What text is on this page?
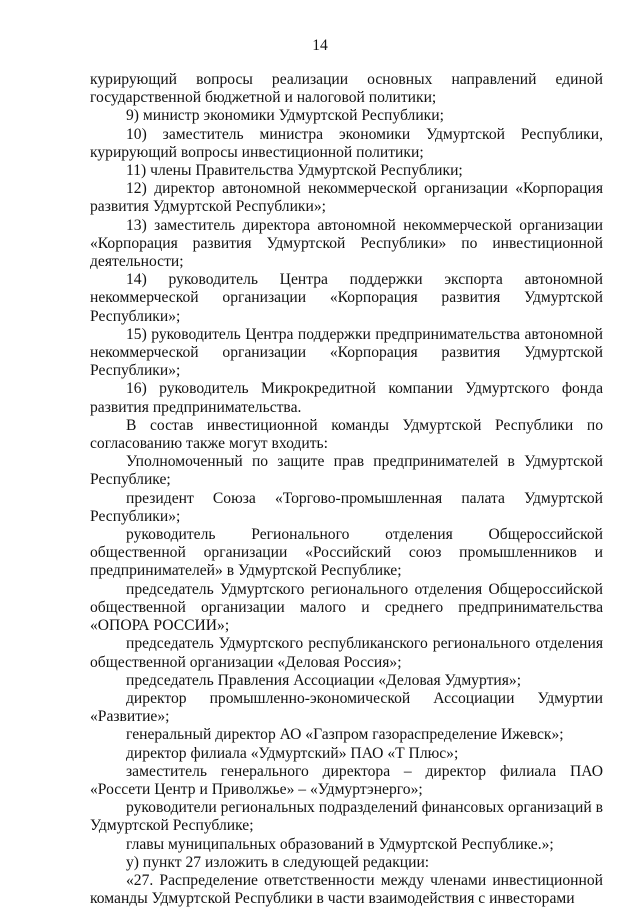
14

курирующий вопросы реализации основных направлений единой государственной бюджетной и налоговой политики;

9) министр экономики Удмуртской Республики;

10) заместитель министра экономики Удмуртской Республики, курирующий вопросы инвестиционной политики;

11) члены Правительства Удмуртской Республики;

12) директор автономной некоммерческой организации «Корпорация развития Удмуртской Республики»;

13) заместитель директора автономной некоммерческой организации «Корпорация развития Удмуртской Республики» по инвестиционной деятельности;

14) руководитель Центра поддержки экспорта автономной некоммерческой организации «Корпорация развития Удмуртской Республики»;

15) руководитель Центра поддержки предпринимательства автономной некоммерческой организации «Корпорация развития Удмуртской Республики»;

16) руководитель Микрокредитной компании Удмуртского фонда развития предпринимательства.

В состав инвестиционной команды Удмуртской Республики по согласованию также могут входить:

Уполномоченный по защите прав предпринимателей в Удмуртской Республике;

президент Союза «Торгово-промышленная палата Удмуртской Республики»;

руководитель Регионального отделения Общероссийской общественной организации «Российский союз промышленников и предпринимателей» в Удмуртской Республике;

председатель Удмуртского регионального отделения Общероссийской общественной организации малого и среднего предпринимательства «ОПОРА РОССИИ»;

председатель Удмуртского республиканского регионального отделения общественной организации «Деловая Россия»;

председатель Правления Ассоциации «Деловая Удмуртия»;

директор промышленно-экономической Ассоциации Удмуртии «Развитие»;

генеральный директор АО «Газпром газораспределение Ижевск»;

директор филиала «Удмуртский» ПАО «Т Плюс»;

заместитель генерального директора – директор филиала ПАО «Россети Центр и Приволжье» – «Удмуртэнерго»;

руководители региональных подразделений финансовых организаций в Удмуртской Республике;

главы муниципальных образований в Удмуртской Республике.»;

у) пункт 27 изложить в следующей редакции:

«27. Распределение ответственности между членами инвестиционной команды Удмуртской Республики в части взаимодействия с инвесторами
